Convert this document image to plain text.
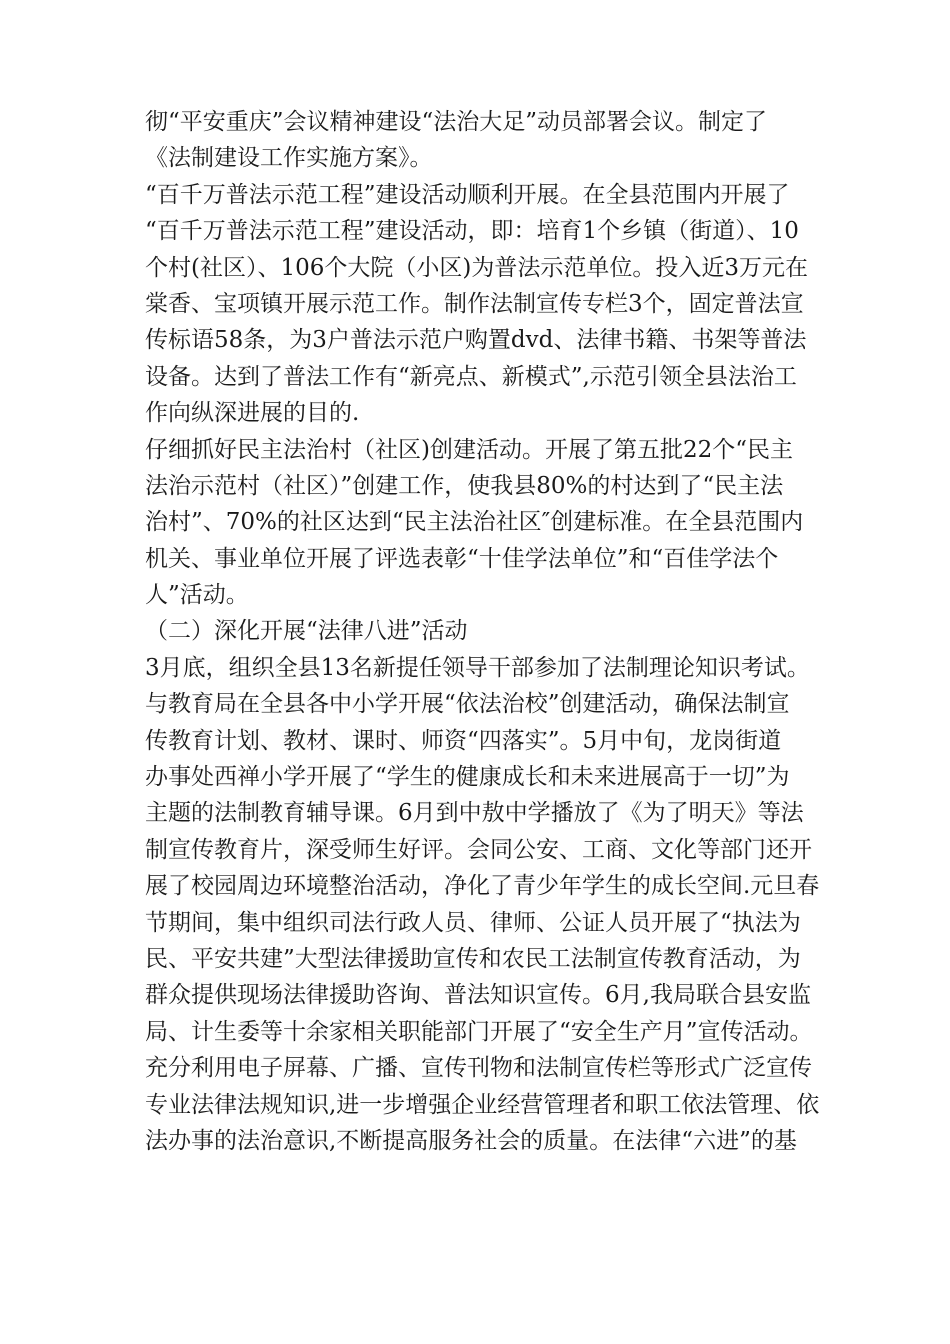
彻“平安重庆”会议精神建设“法治大足”动员部署会议。制定了
《法制建设工作实施方案》。
“百千万普法示范工程”建设活动顺利开展。在全县范围内开展了
“百千万普法示范工程”建设活动，即：培育1个乡镇（街道）、10
个村(社区）、106个大院（小区)为普法示范单位。投入近3万元在
棠香、宝项镇开展示范工作。制作法制宣传专栏3个，固定普法宣
传标语58条，为3户普法示范户购置dvd、法律书籍、书架等普法
设备。达到了普法工作有“新亮点、新模式”,示范引领全县法治工
作向纵深进展的目的.
仔细抓好民主法治村（社区)创建活动。开展了第五批22个“民主
法治示范村（社区）”创建工作，使我县80%的村达到了“民主法
治村”、70%的社区达到“民主法治社区″创建标准。在全县范围内
机关、事业单位开展了评选表彰“十佳学法单位”和“百佳学法个
人”活动。
（二）深化开展“法律八进”活动
3月底，组织全县13名新提任领导干部参加了法制理论知识考试。
与教育局在全县各中小学开展“依法治校”创建活动，确保法制宣
传教育计划、教材、课时、师资“四落实”。5月中旬，龙岗街道
办事处西禅小学开展了“学生的健康成长和未来进展高于一切”为
主题的法制教育辅导课。6月到中敖中学播放了《为了明天》等法
制宣传教育片，深受师生好评。会同公安、工商、文化等部门还开
展了校园周边环境整治活动，净化了青少年学生的成长空间.元旦春
节期间，集中组织司法行政人员、律师、公证人员开展了“执法为
民、平安共建”大型法律援助宣传和农民工法制宣传教育活动，为
群众提供现场法律援助咨询、普法知识宣传。6月,我局联合县安监
局、计生委等十余家相关职能部门开展了“安全生产月”宣传活动。
充分利用电子屏幕、广播、宣传刊物和法制宣传栏等形式广泛宣传
专业法律法规知识,进一步增强企业经营管理者和职工依法管理、依
法办事的法治意识,不断提高服务社会的质量。在法律“六进”的基
